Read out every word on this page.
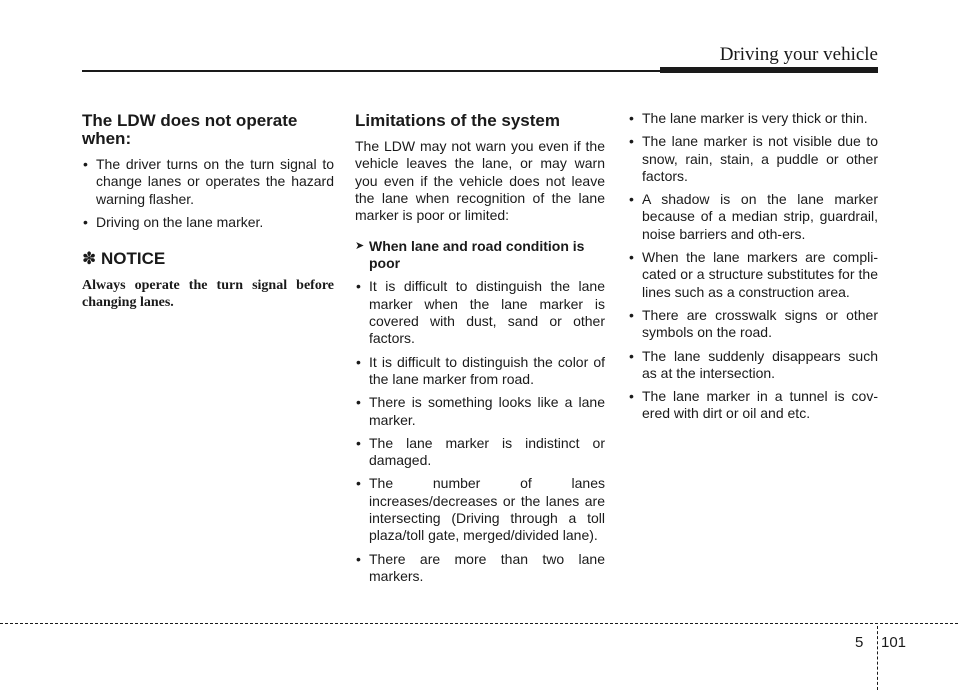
Driving your vehicle
The LDW does not operate when:
• The driver turns on the turn signal to change lanes or operates the hazard warning flasher.
• Driving on the lane marker.
✽ NOTICE

Always operate the turn signal before changing lanes.

Limitations of the system

The LDW may not warn you even if the vehicle leaves the lane, or may warn you even if the vehicle does not leave the lane when recognition of the lane marker is poor or limited:

➤ When lane and road condition is poor
• It is difficult to distinguish the lane marker when the lane marker is covered with dust, sand or other factors.
• It is difficult to distinguish the color of the lane marker from road.
• There is something looks like a lane marker.
• The lane marker is indistinct or damaged.
• The number of lanes increases/decreases or the lanes are intersecting (Driving through a toll plaza/toll gate, merged/divided lane).
• There are more than two lane markers.
• The lane marker is very thick or thin.
• The lane marker is not visible due to snow, rain, stain, a puddle or other factors.
• A shadow is on the lane marker because of a median strip, guardrail, noise barriers and oth-ers.
• When the lane markers are compli-cated or a structure substitutes for the lines such as a construction area.
• There are crosswalk signs or other symbols on the road.
• The lane suddenly disappears such as at the intersection.
• The lane marker in a tunnel is cov-ered with dirt or oil and etc.
5 101
